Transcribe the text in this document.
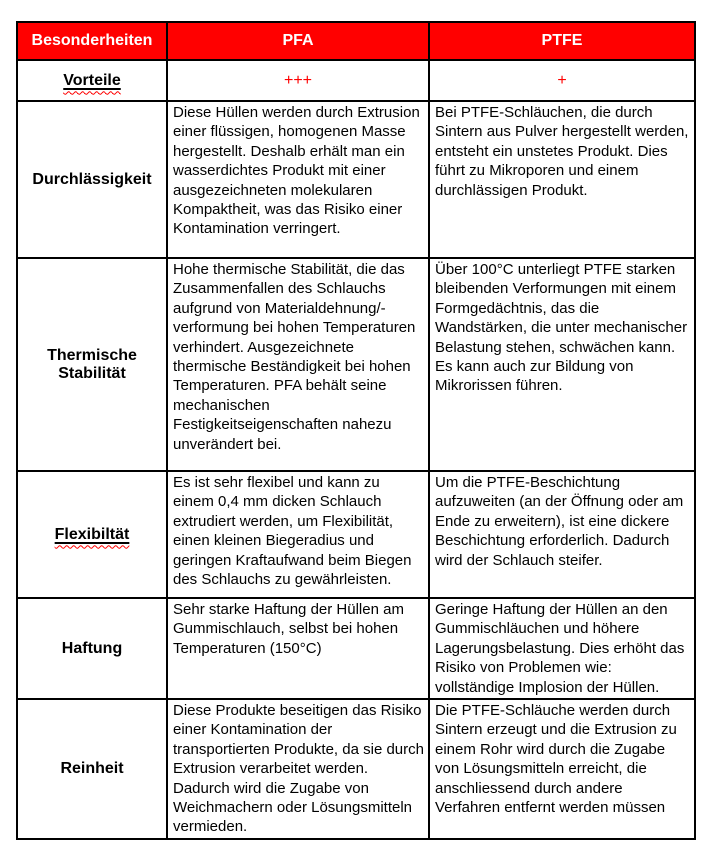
Besonderheiten	PFA	PTFE
Vorteile	+++	+
Durchlässigkeit	Diese Hüllen werden durch Extrusion einer flüssigen, homogenen Masse hergestellt. Deshalb erhält man ein wasserdichtes Produkt mit einer ausgezeichneten molekularen Kompaktheit, was das Risiko einer Kontamination verringert.	Bei PTFE-Schläuchen, die durch Sintern aus Pulver hergestellt werden, entsteht ein unstetes Produkt. Dies führt zu Mikroporen und einem durchlässigen Produkt.
Thermische Stabilität	Hohe thermische Stabilität, die das Zusammenfallen des Schlauchs aufgrund von Materialdehnung/-verformung bei hohen Temperaturen verhindert. Ausgezeichnete thermische Beständigkeit bei hohen Temperaturen. PFA behält seine mechanischen Festigkeitseigenschaften nahezu unverändert bei.	Über 100°C unterliegt PTFE starken bleibenden Verformungen mit einem Formgedächtnis, das die Wandstärken, die unter mechanischer Belastung stehen, schwächen kann. Es kann auch zur Bildung von Mikrorissen führen.
Flexibiltät	Es ist sehr flexibel und kann zu einem 0,4 mm dicken Schlauch extrudiert werden, um Flexibilität, einen kleinen Biegeradius und geringen Kraftaufwand beim Biegen des Schlauchs zu gewährleisten.	Um die PTFE-Beschichtung aufzuweiten (an der Öffnung oder am Ende zu erweitern), ist eine dickere Beschichtung erforderlich. Dadurch wird der Schlauch steifer.
Haftung	Sehr starke Haftung der Hüllen am Gummischlauch, selbst bei hohen Temperaturen (150°C)	Geringe Haftung der Hüllen an den Gummischläuchen und höhere Lagerungsbelastung. Dies erhöht das Risiko von Problemen wie: vollständige Implosion der Hüllen.
Reinheit	Diese Produkte beseitigen das Risiko einer Kontamination der transportierten Produkte, da sie durch Extrusion verarbeitet werden. Dadurch wird die Zugabe von Weichmachern oder Lösungsmitteln vermieden.	Die PTFE-Schläuche werden durch Sintern erzeugt und die Extrusion zu einem Rohr wird durch die Zugabe von Lösungsmitteln erreicht, die anschliessend durch andere Verfahren entfernt werden müssen
